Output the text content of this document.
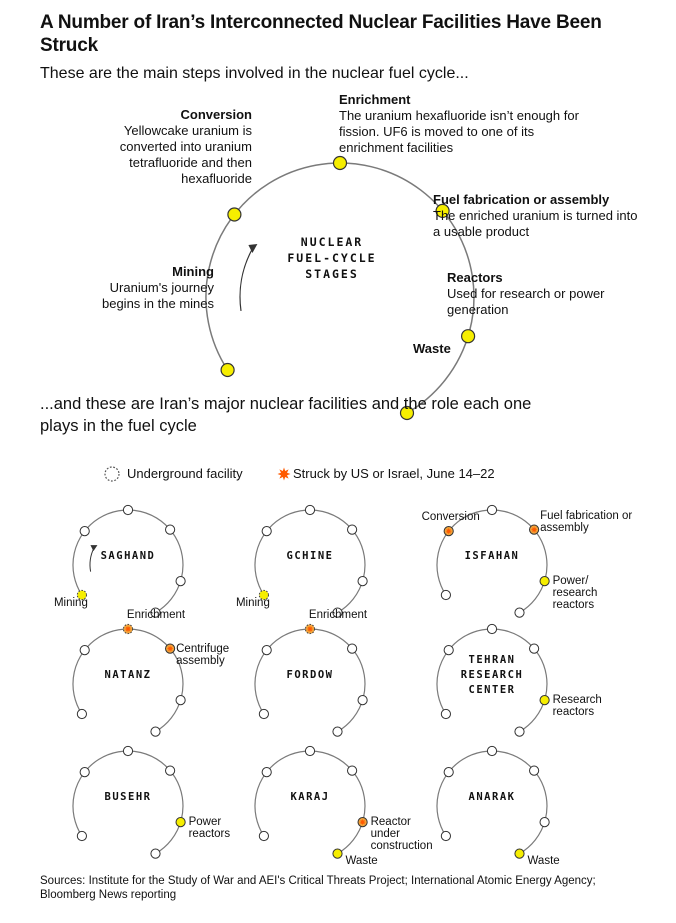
A Number of Iran’s Interconnected Nuclear Facilities Have Been Struck

These are the main steps involved in the nuclear fuel cycle...

NUCLEAR
FUEL-CYCLE
STAGES
Mining
Uranium's journey begins in the mines
Conversion
Yellowcake uranium is converted into uranium tetrafluoride and then hexafluoride
Enrichment
The uranium hexafluoride isn’t enough for fission. UF6 is moved to one of its enrichment facilities
Fuel fabrication or assembly
The enriched uranium is turned into a usable product
Reactors
Used for research or power generation
Waste

...and these are Iran’s major nuclear facilities and the role each one plays in the fuel cycle

Underground facility	Struck by US or Israel, June 14–22
Mining
SAGHAND
Mining
GCHINE
Conversion	Fuel fabrication or assembly
Power/ research reactors
ISFAHAN
Enrichment
Centrifuge assembly
NATANZ
Enrichment
FORDOW
Research reactors
TEHRAN
RESEARCH
CENTER
Power reactors
BUSEHR
Reactor under construction
Waste
KARAJ
Waste
ANARAK

Sources: Institute for the Study of War and AEI's Critical Threats Project; International Atomic Energy Agency; Bloomberg News reporting
